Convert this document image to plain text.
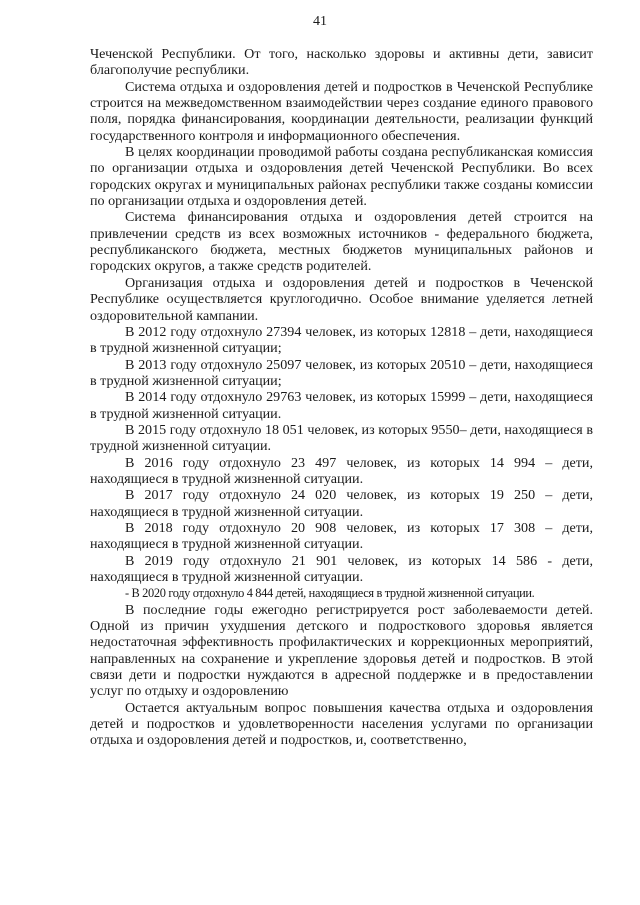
41

Чеченской Республики. От того, насколько здоровы и активны дети, зависит благополучие республики.

Система отдыха и оздоровления детей и подростков в Чеченской Республике строится на межведомственном взаимодействии через создание единого правового поля, порядка финансирования, координации деятельности, реализации функций государственного контроля и информационного обеспечения.

В целях координации проводимой работы создана республиканская комиссия по организации отдыха и оздоровления детей Чеченской Республики. Во всех городских округах и муниципальных районах республики также созданы комиссии по организации отдыха и оздоровления детей.

Система финансирования отдыха и оздоровления детей строится на привлечении средств из всех возможных источников - федерального бюджета, республиканского бюджета, местных бюджетов муниципальных районов и городских округов, а также средств родителей.

Организация отдыха и оздоровления детей и подростков в Чеченской Республике осуществляется круглогодично. Особое внимание уделяется летней оздоровительной кампании.

В 2012 году отдохнуло 27394 человек, из которых 12818 – дети, находящиеся в трудной жизненной ситуации;

В 2013 году отдохнуло 25097 человек, из которых 20510 – дети, находящиеся в трудной жизненной ситуации;

В 2014 году отдохнуло 29763 человек, из которых 15999 – дети, находящиеся в трудной жизненной ситуации.

В 2015 году отдохнуло 18 051 человек, из которых 9550– дети, находящиеся в трудной жизненной ситуации.

В 2016 году отдохнуло 23 497 человек, из которых 14 994 – дети, находящиеся в трудной жизненной ситуации.

В 2017 году отдохнуло 24 020 человек, из которых 19 250 – дети, находящиеся в трудной жизненной ситуации.

В 2018 году отдохнуло 20 908 человек, из которых 17 308 – дети, находящиеся в трудной жизненной ситуации.

В 2019 году отдохнуло 21 901 человек, из которых 14 586 - дети, находящиеся в трудной жизненной ситуации.

- В 2020 году отдохнуло 4 844 детей, находящиеся в трудной жизненной ситуации.

В последние годы ежегодно регистрируется рост заболеваемости детей. Одной из причин ухудшения детского и подросткового здоровья является недостаточная эффективность профилактических и коррекционных мероприятий, направленных на сохранение и укрепление здоровья детей и подростков. В этой связи дети и подростки нуждаются в адресной поддержке и в предоставлении услуг по отдыху и оздоровлению

Остается актуальным вопрос повышения качества отдыха и оздоровления детей и подростков и удовлетворенности населения услугами по организации отдыха и оздоровления детей и подростков, и, соответственно,
